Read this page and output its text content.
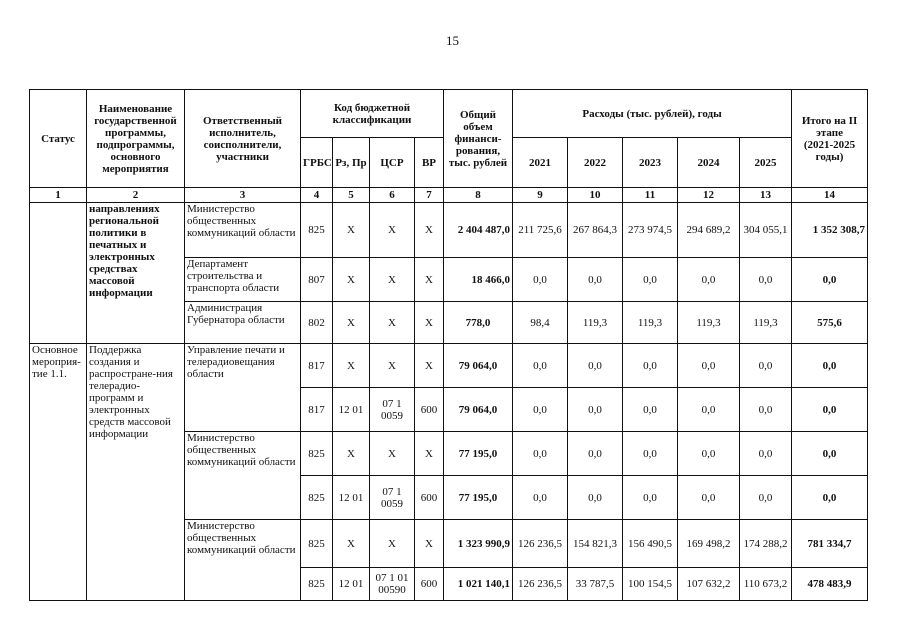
15
Статус	Наименование государственной программы, подпрограммы, основного мероприятия	Ответственный исполнитель, соисполнители, участники	Код бюджетной классификации				Общий объем финанси-рования, тыс. рублей	Расходы (тыс. рублей), годы					Итого на II этапе
(2021-2025 годы)
			ГРБС	Рз, Пр	ЦСР	ВР		2021	2022	2023	2024	2025	
1	2	3	4	5	6	7	8	9	10	11	12	13	14
	направлениях региональной политики в печатных и электронных средствах массовой информации	Министерство общественных коммуникаций области	825	X	X	X	2 404 487,0	211 725,6	267 864,3	273 974,5	294 689,2	304 055,1	1 352 308,7
		Департамент строительства и транспорта области	807	X	X	X	18 466,0	0,0	0,0	0,0	0,0	0,0	0,0
		Администрация Губернатора области	802	X	X	X	778,0	98,4	119,3	119,3	119,3	119,3	575,6
Основное мероприя-тие 1.1.	Поддержка создания и распростране-ния телерадио-программ и электронных средств массовой информации	Управление печати и телерадиовещания области	817	X	X	X	79 064,0	0,0	0,0	0,0	0,0	0,0	0,0
			817	12 01	07 1 0059	600	79 064,0	0,0	0,0	0,0	0,0	0,0	0,0
		Министерство общественных коммуникаций области	825	X	X	X	77 195,0	0,0	0,0	0,0	0,0	0,0	0,0
			825	12 01	07 1 0059	600	77 195,0	0,0	0,0	0,0	0,0	0,0	0,0
		Министерство общественных коммуникаций области	825	X	X	X	1 323 990,9	126 236,5	154 821,3	156 490,5	169 498,2	174 288,2	781 334,7
			825	12 01	07 1 01 00590	600	1 021 140,1	126 236,5	33 787,5	100 154,5	107 632,2	110 673,2	478 483,9
